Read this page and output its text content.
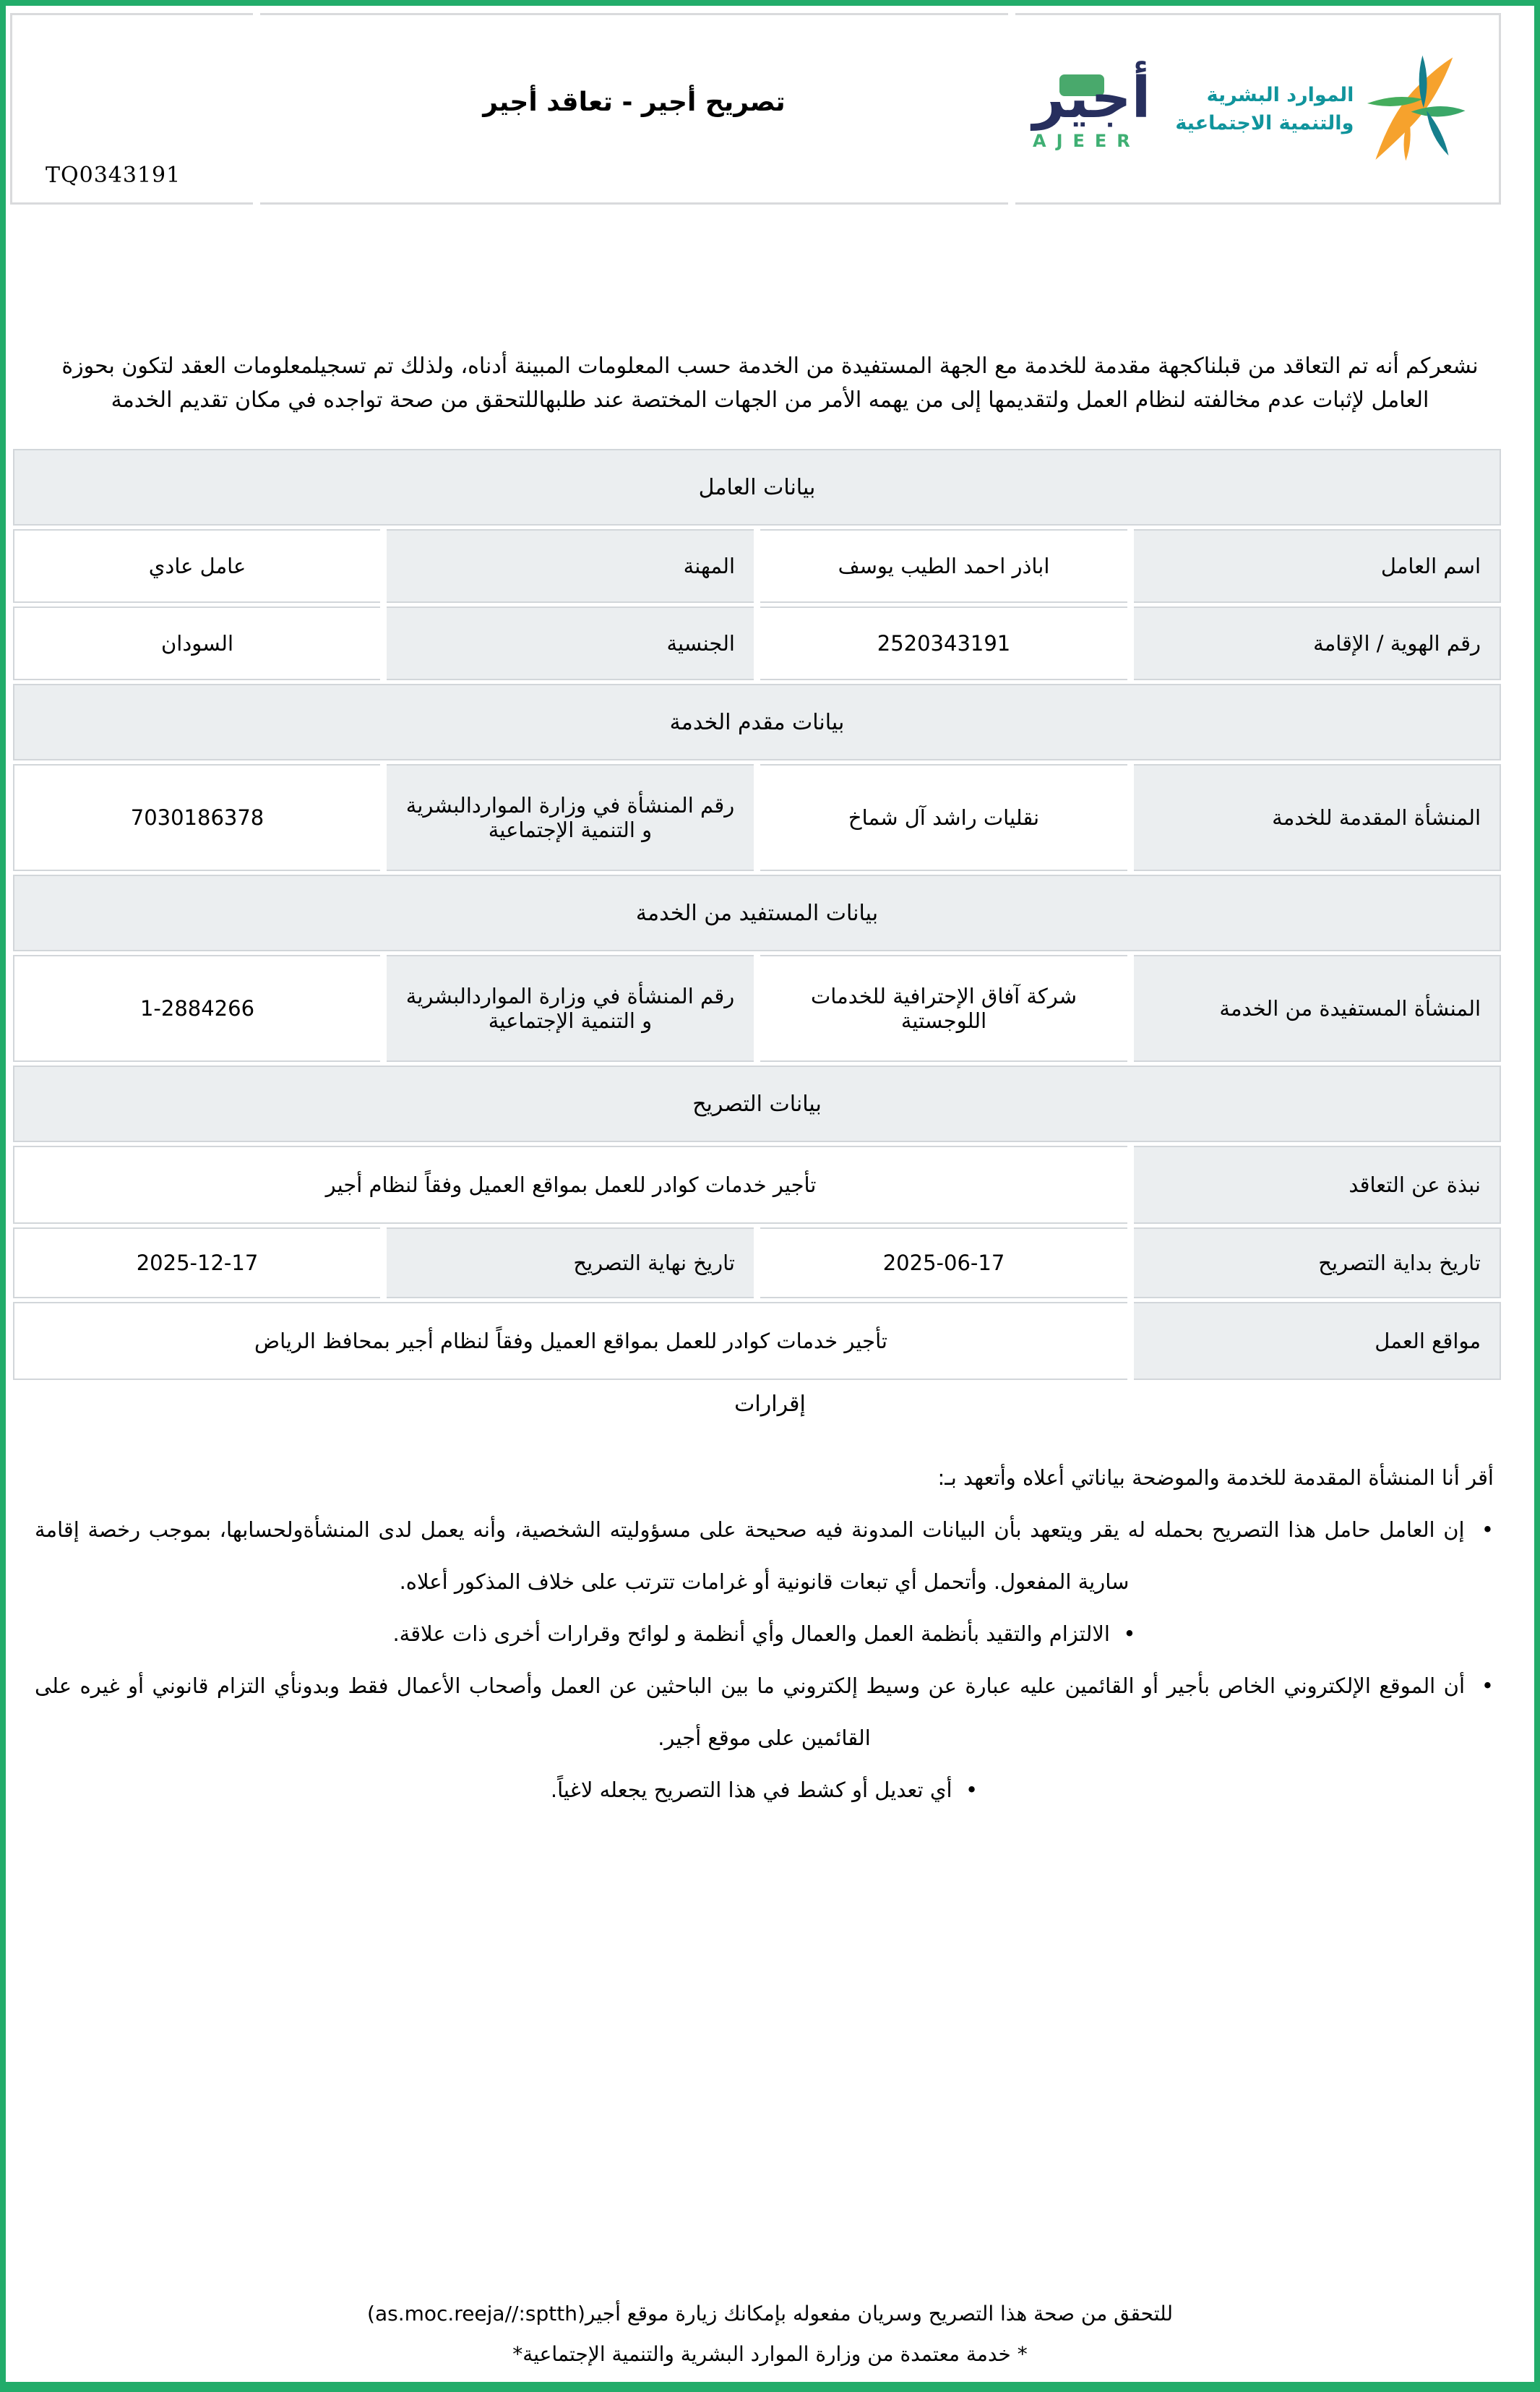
TQ0343191
تصريح أجير - تعاقد أجير	أجير
AJEER
الموارد البشرية
والتنمية الاجتماعية
نشعركم أنه تم التعاقد من قبلناكجهة مقدمة للخدمة مع الجهة المستفيدة من الخدمة حسب المعلومات المبينة أدناه، ولذلك تم تسجيلمعلومات العقد لتكون بحوزة العامل لإثبات عدم مخالفته لنظام العمل ولتقديمها إلى من يهمه الأمر من الجهات المختصة عند طلبهاللتحقق من صحة تواجده في مكان تقديم الخدمة
بيانات العامل
اسم العامل
اباذر احمد الطيب يوسف
المهنة
عامل عادي
رقم الهوية / الإقامة
2520343191
الجنسية
السودان
بيانات مقدم الخدمة
المنشأة المقدمة للخدمة
نقليات راشد آل شماخ
رقم المنشأة في وزارة المواردالبشرية و التنمية الإجتماعية
7030186378
بيانات المستفيد من الخدمة
المنشأة المستفيدة من الخدمة
شركة آفاق الإحترافية للخدمات اللوجستية
رقم المنشأة في وزارة المواردالبشرية و التنمية الإجتماعية
1-2884266
بيانات التصريح
نبذة عن التعاقد
تأجير خدمات كوادر للعمل بمواقع العميل وفقاً لنظام أجير
تاريخ بداية التصريح
2025-06-17
تاريخ نهاية التصريح
2025-12-17
مواقع العمل
تأجير خدمات كوادر للعمل بمواقع العميل وفقاً لنظام أجير بمحافظ الرياض
إقرارات
أقر أنا المنشأة المقدمة للخدمة والموضحة بياناتي أعلاه وأتعهد بـ:
•  إن العامل حامل هذا التصريح بحمله له يقر ويتعهد بأن البيانات المدونة فيه صحيحة على مسؤوليته الشخصية، وأنه يعمل لدى المنشأةولحسابها، بموجب رخصة إقامة سارية المفعول. وأتحمل أي تبعات قانونية أو غرامات تترتب على خلاف المذكور أعلاه.
•  الالتزام والتقيد بأنظمة العمل والعمال وأي أنظمة و لوائح وقرارات أخرى ذات علاقة.
•  أن الموقع الإلكتروني الخاص بأجير أو القائمين عليه عبارة عن وسيط إلكتروني ما بين الباحثين عن العمل وأصحاب الأعمال فقط وبدونأي التزام قانوني أو غيره على القائمين على موقع أجير.
•  أي تعديل أو كشط في هذا التصريح يجعله لاغياً.
للتحقق من صحة هذا التصريح وسريان مفعوله بإمكانك زيارة موقع أجير(as.moc.reeja//:sptth)
* خدمة معتمدة من وزارة الموارد البشرية والتنمية الإجتماعية*
